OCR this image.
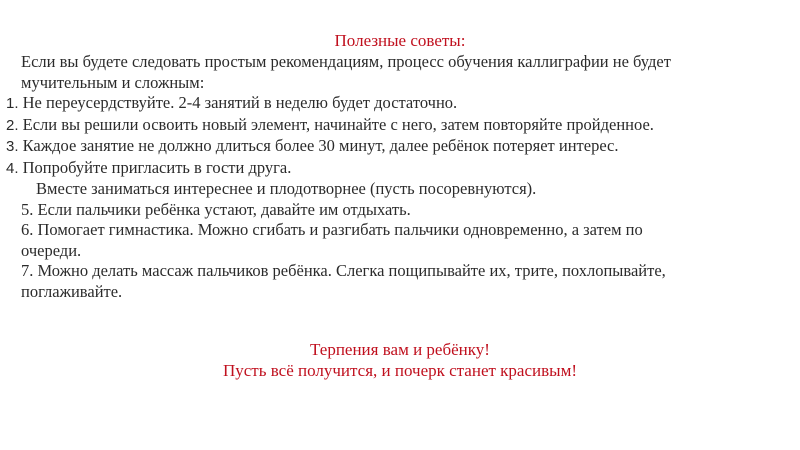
Полезные советы:
Если вы будете следовать простым рекомендациям, процесс обучения каллиграфии не будет
мучительным и сложным:
1. Не переусердствуйте. 2-4 занятий в неделю будет достаточно.
2. Если вы решили освоить новый элемент, начинайте с него, затем повторяйте пройденное.
3. Каждое занятие не должно длиться более 30 минут, далее ребёнок потеряет интерес.
4. Попробуйте пригласить в гости друга.
Вместе заниматься интереснее и плодотворнее (пусть посоревнуются).
5. Если пальчики ребёнка устают, давайте им отдыхать.
6. Помогает гимнастика. Можно сгибать и разгибать пальчики одновременно, а затем по
очереди.
7. Можно делать массаж пальчиков ребёнка. Слегка пощипывайте их, трите, похлопывайте,
поглаживайте.
Терпения вам и ребёнку!
Пусть всё получится, и почерк станет красивым!
